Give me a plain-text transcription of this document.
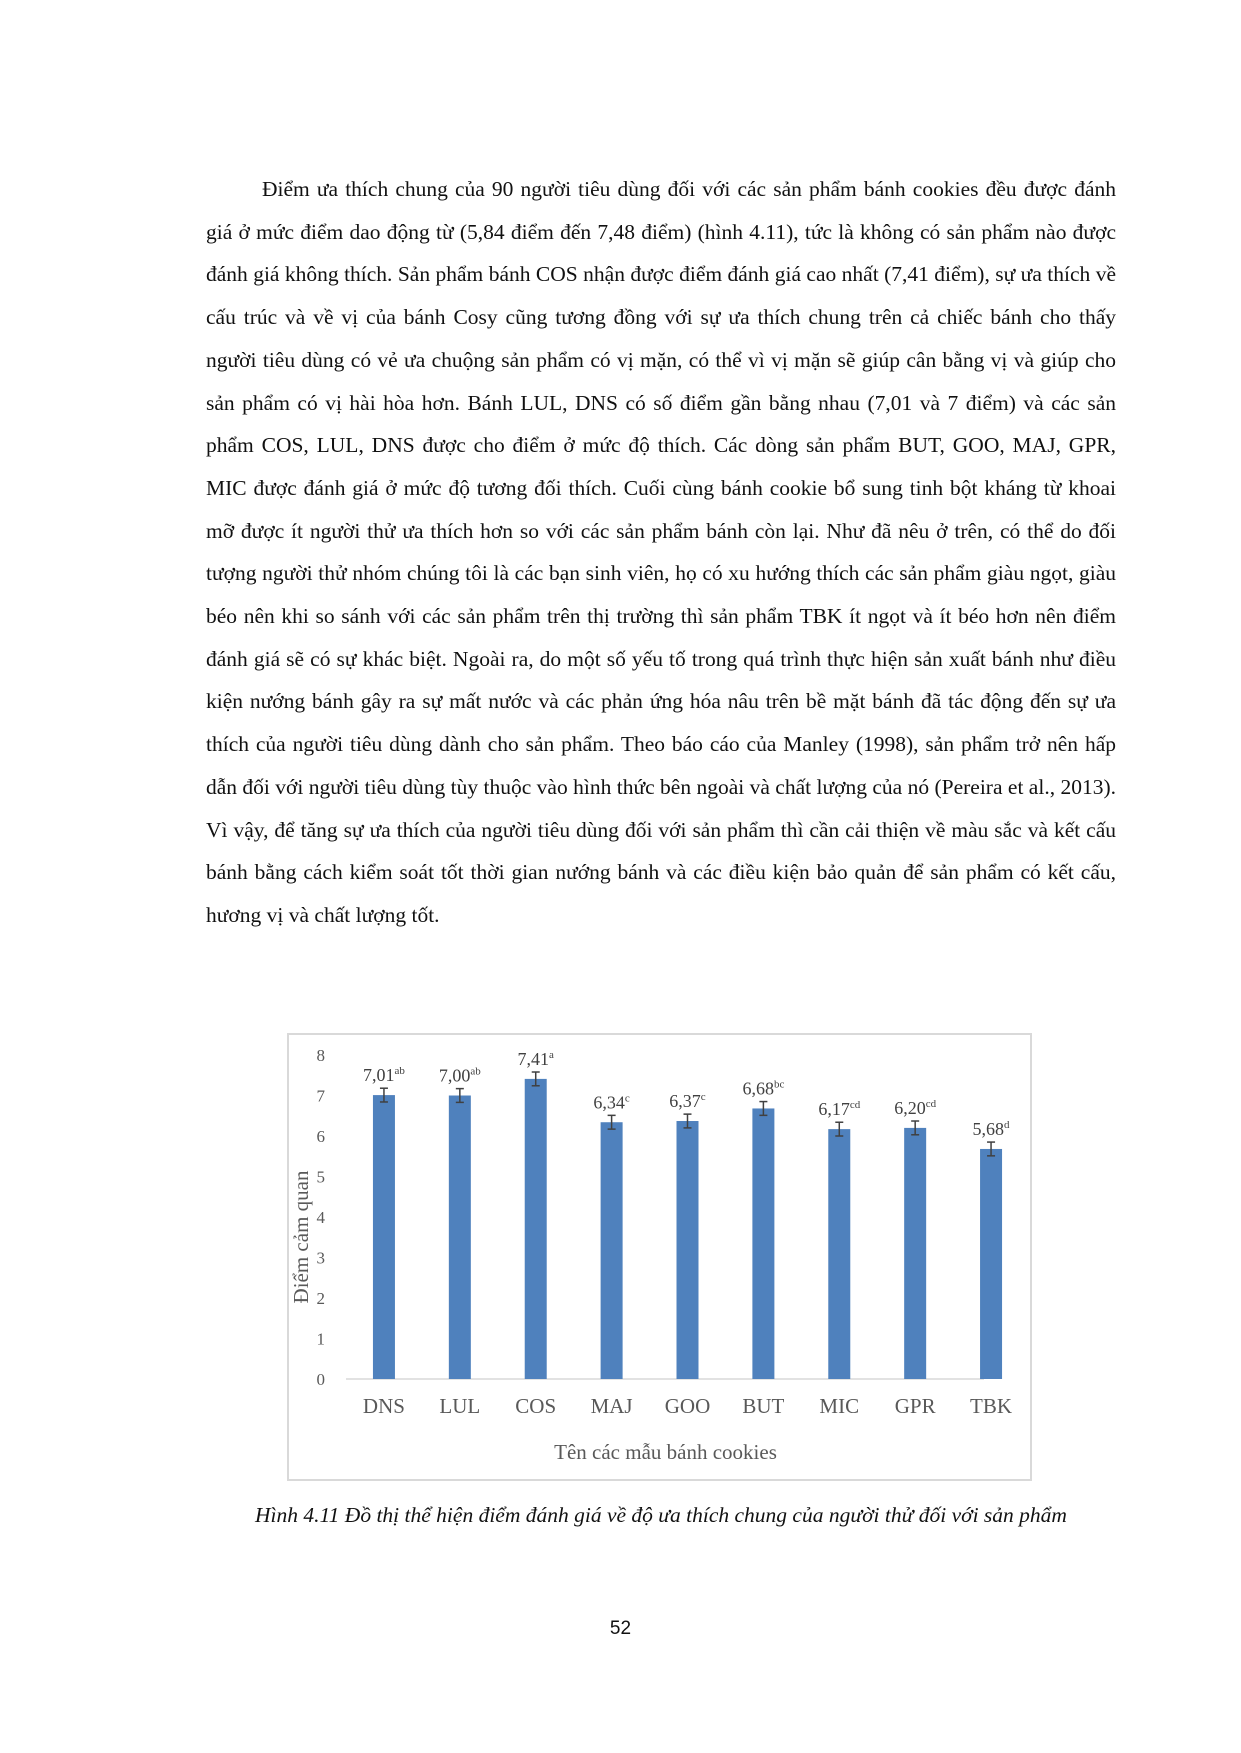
Điểm ưa thích chung của 90 người tiêu dùng đối với các sản phẩm bánh cookies đều được đánh giá ở mức điểm dao động từ (5,84 điểm đến 7,48 điểm) (hình 4.11), tức là không có sản phẩm nào được đánh giá không thích. Sản phẩm bánh COS nhận được điểm đánh giá cao nhất (7,41 điểm), sự ưa thích về cấu trúc và về vị của bánh Cosy cũng tương đồng với sự ưa thích chung trên cả chiếc bánh cho thấy người tiêu dùng có vẻ ưa chuộng sản phẩm có vị mặn, có thể vì vị mặn sẽ giúp cân bằng vị và giúp cho sản phẩm có vị hài hòa hơn. Bánh LUL, DNS có số điểm gần bằng nhau (7,01 và 7 điểm) và các sản phẩm COS, LUL, DNS được cho điểm ở mức độ thích. Các dòng sản phẩm BUT, GOO, MAJ, GPR, MIC được đánh giá ở mức độ tương đối thích. Cuối cùng bánh cookie bổ sung tinh bột kháng từ khoai mỡ được ít người thử ưa thích hơn so với các sản phẩm bánh còn lại. Như đã nêu ở trên, có thể do đối tượng người thử nhóm chúng tôi là các bạn sinh viên, họ có xu hướng thích các sản phẩm giàu ngọt, giàu béo nên khi so sánh với các sản phẩm trên thị trường thì sản phẩm TBK ít ngọt và ít béo hơn nên điểm đánh giá sẽ có sự khác biệt. Ngoài ra, do một số yếu tố trong quá trình thực hiện sản xuất bánh như điều kiện nướng bánh gây ra sự mất nước và các phản ứng hóa nâu trên bề mặt bánh đã tác động đến sự ưa thích của người tiêu dùng dành cho sản phẩm. Theo báo cáo của Manley (1998), sản phẩm trở nên hấp dẫn đối với người tiêu dùng tùy thuộc vào hình thức bên ngoài và chất lượng của nó (Pereira et al., 2013). Vì vậy, để tăng sự ưa thích của người tiêu dùng đối với sản phẩm thì cần cải thiện về màu sắc và kết cấu bánh bằng cách kiểm soát tốt thời gian nướng bánh và các điều kiện bảo quản để sản phẩm có kết cấu, hương vị và chất lượng tốt.

0
1
2
3
4
5
6
7
8
7,01$^{ab}$
DNS
7,00$^{ab}$
LUL
7,41$^a$
COS
6,34$^c$
MAJ
6,37$^c$
GOO
6,68$^{bc}$
BUT
6,17$^{cd}$
MIC
6,20$^{cd}$
GPR
5,68$^d$
TBK
Tên các mẫu bánh cookies
Điểm cảm quan

Hình 4.11 Đồ thị thể hiện điểm đánh giá về độ ưa thích chung của người thử đối với sản phẩm

52
